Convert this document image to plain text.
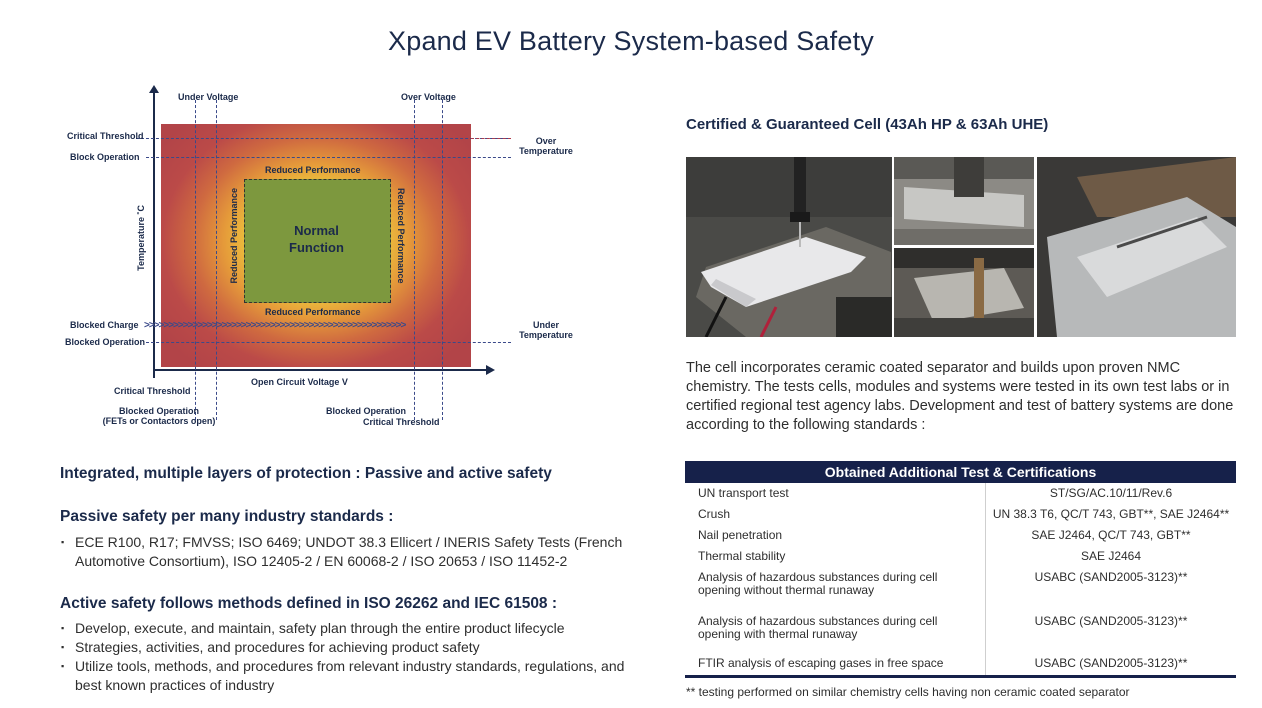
Xpand EV Battery System-based Safety
>>>>>>>>>>>>>>>>>>>>>>>>>>>>>>>>>>>>>>>>>>>>>>>>>>>>>>
Under Voltage	Over Voltage
Critical Threshold
Block Operation
Over
Temperature
Temperature ˚C
Reduced Performance
Reduced Performance
Reduced Performance	Reduced Performance
Normal
Function
Blocked Charge
Blocked Operation
Under
Temperature
Open Circuit Voltage V
Critical Threshold
Blocked Operation
(FETs or Contactors open)
Blocked Operation
Critical Threshold
Integrated, multiple layers of protection : Passive and active safety
Passive safety per many industry standards :
▪ ECE R100, R17; FMVSS; ISO 6469; UNDOT 38.3 Ellicert / INERIS Safety Tests (French Automotive Consortium), ISO 12405-2 / EN 60068-2 / ISO 20653 / ISO 11452-2
Active safety follows methods defined in ISO 26262 and IEC 61508 :
▪ Develop, execute, and maintain, safety plan through the entire product lifecycle
▪ Strategies, activities, and procedures for achieving product safety
▪ Utilize tools, methods, and procedures from relevant industry standards, regulations, and best known practices of industry
Certified & Guaranteed Cell (43Ah HP & 63Ah UHE)
The cell incorporates ceramic coated separator and builds upon proven NMC chemistry. The tests cells, modules and systems were tested in its own test labs or in certified regional test agency labs. Development and test of battery systems are done according to the following standards :
Obtained Additional Test & Certifications
UN transport test	ST/SG/AC.10/11/Rev.6
Crush	UN 38.3 T6, QC/T 743, GBT**, SAE J2464**
Nail penetration	SAE J2464, QC/T 743, GBT**
Thermal stability	SAE J2464
Analysis of hazardous substances during cell opening without thermal runaway	USABC (SAND2005-3123)**
Analysis of hazardous substances during cell opening with thermal runaway	USABC (SAND2005-3123)**
FTIR analysis of escaping gases in free space	USABC (SAND2005-3123)**
** testing performed on similar chemistry cells having non ceramic coated separator
